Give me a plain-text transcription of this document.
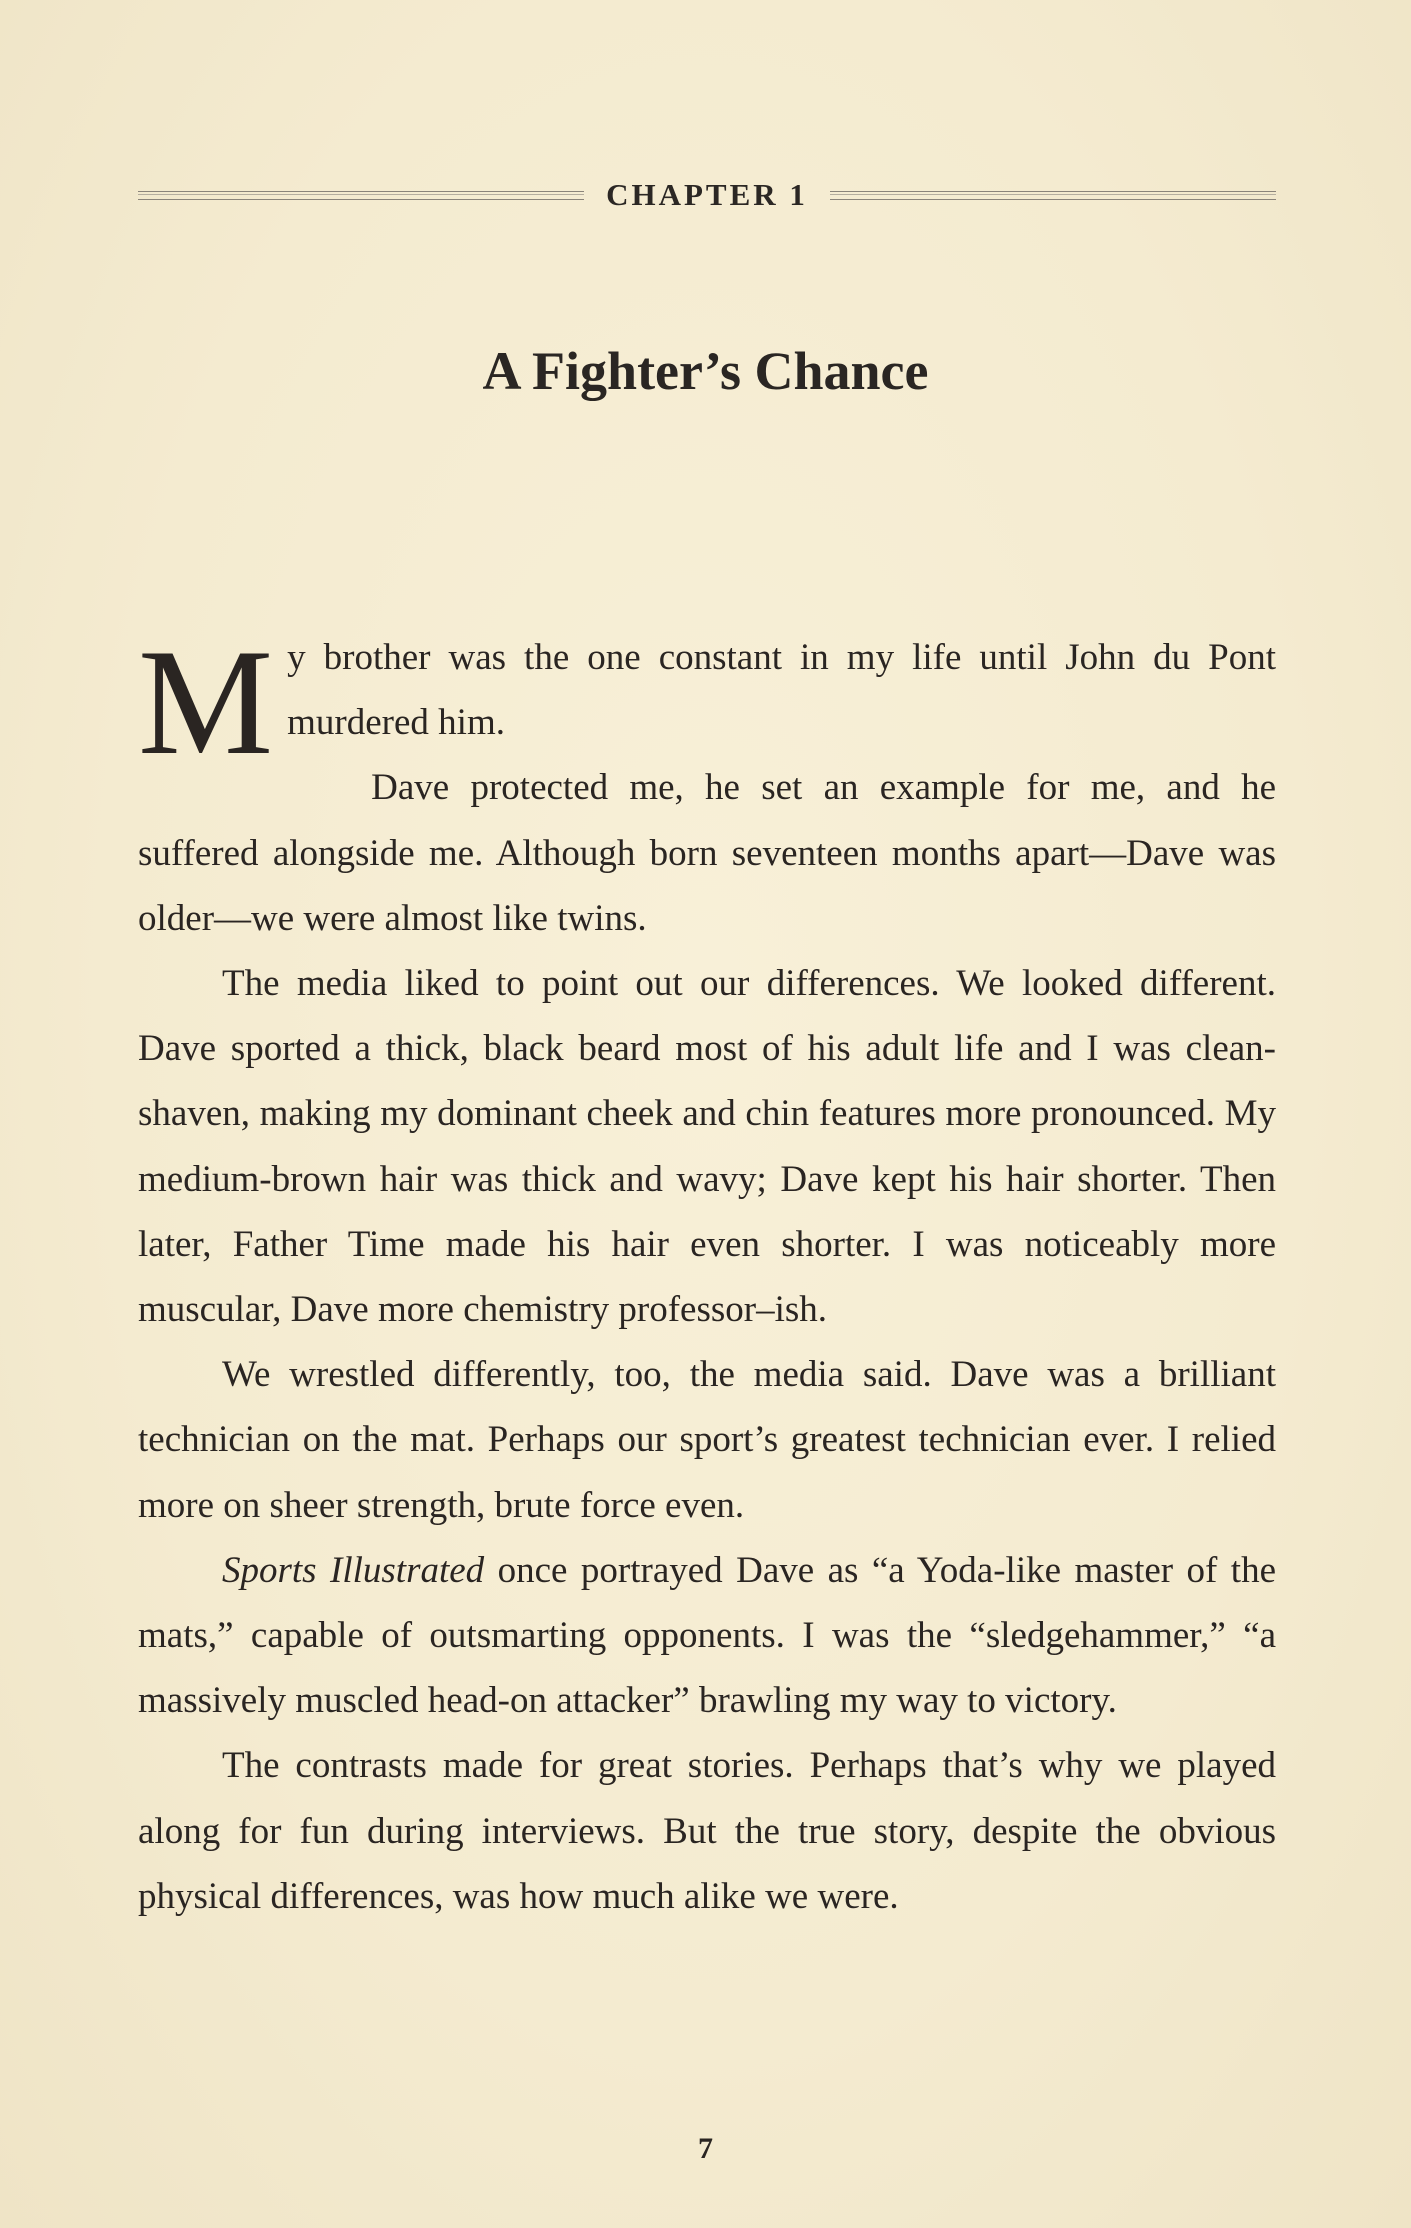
CHAPTER 1
A Fighter’s Chance

My brother was the one constant in my life until John du Pont murdered him.

Dave protected me, he set an example for me, and he suffered alongside me. Although born seventeen months apart—Dave was older—we were almost like twins.

The media liked to point out our differences. We looked different. Dave sported a thick, black beard most of his adult life and I was clean-shaven, making my dominant cheek and chin features more pronounced. My medium-brown hair was thick and wavy; Dave kept his hair shorter. Then later, Father Time made his hair even shorter. I was noticeably more muscular, Dave more chemistry professor–ish.

We wrestled differently, too, the media said. Dave was a brilliant technician on the mat. Perhaps our sport’s greatest technician ever. I relied more on sheer strength, brute force even.

Sports Illustrated once portrayed Dave as “a Yoda-like master of the mats,” capable of outsmarting opponents. I was the “sledgehammer,” “a massively muscled head-on attacker” brawling my way to victory.

The contrasts made for great stories. Perhaps that’s why we played along for fun during interviews. But the true story, despite the obvious physical differences, was how much alike we were.

7
